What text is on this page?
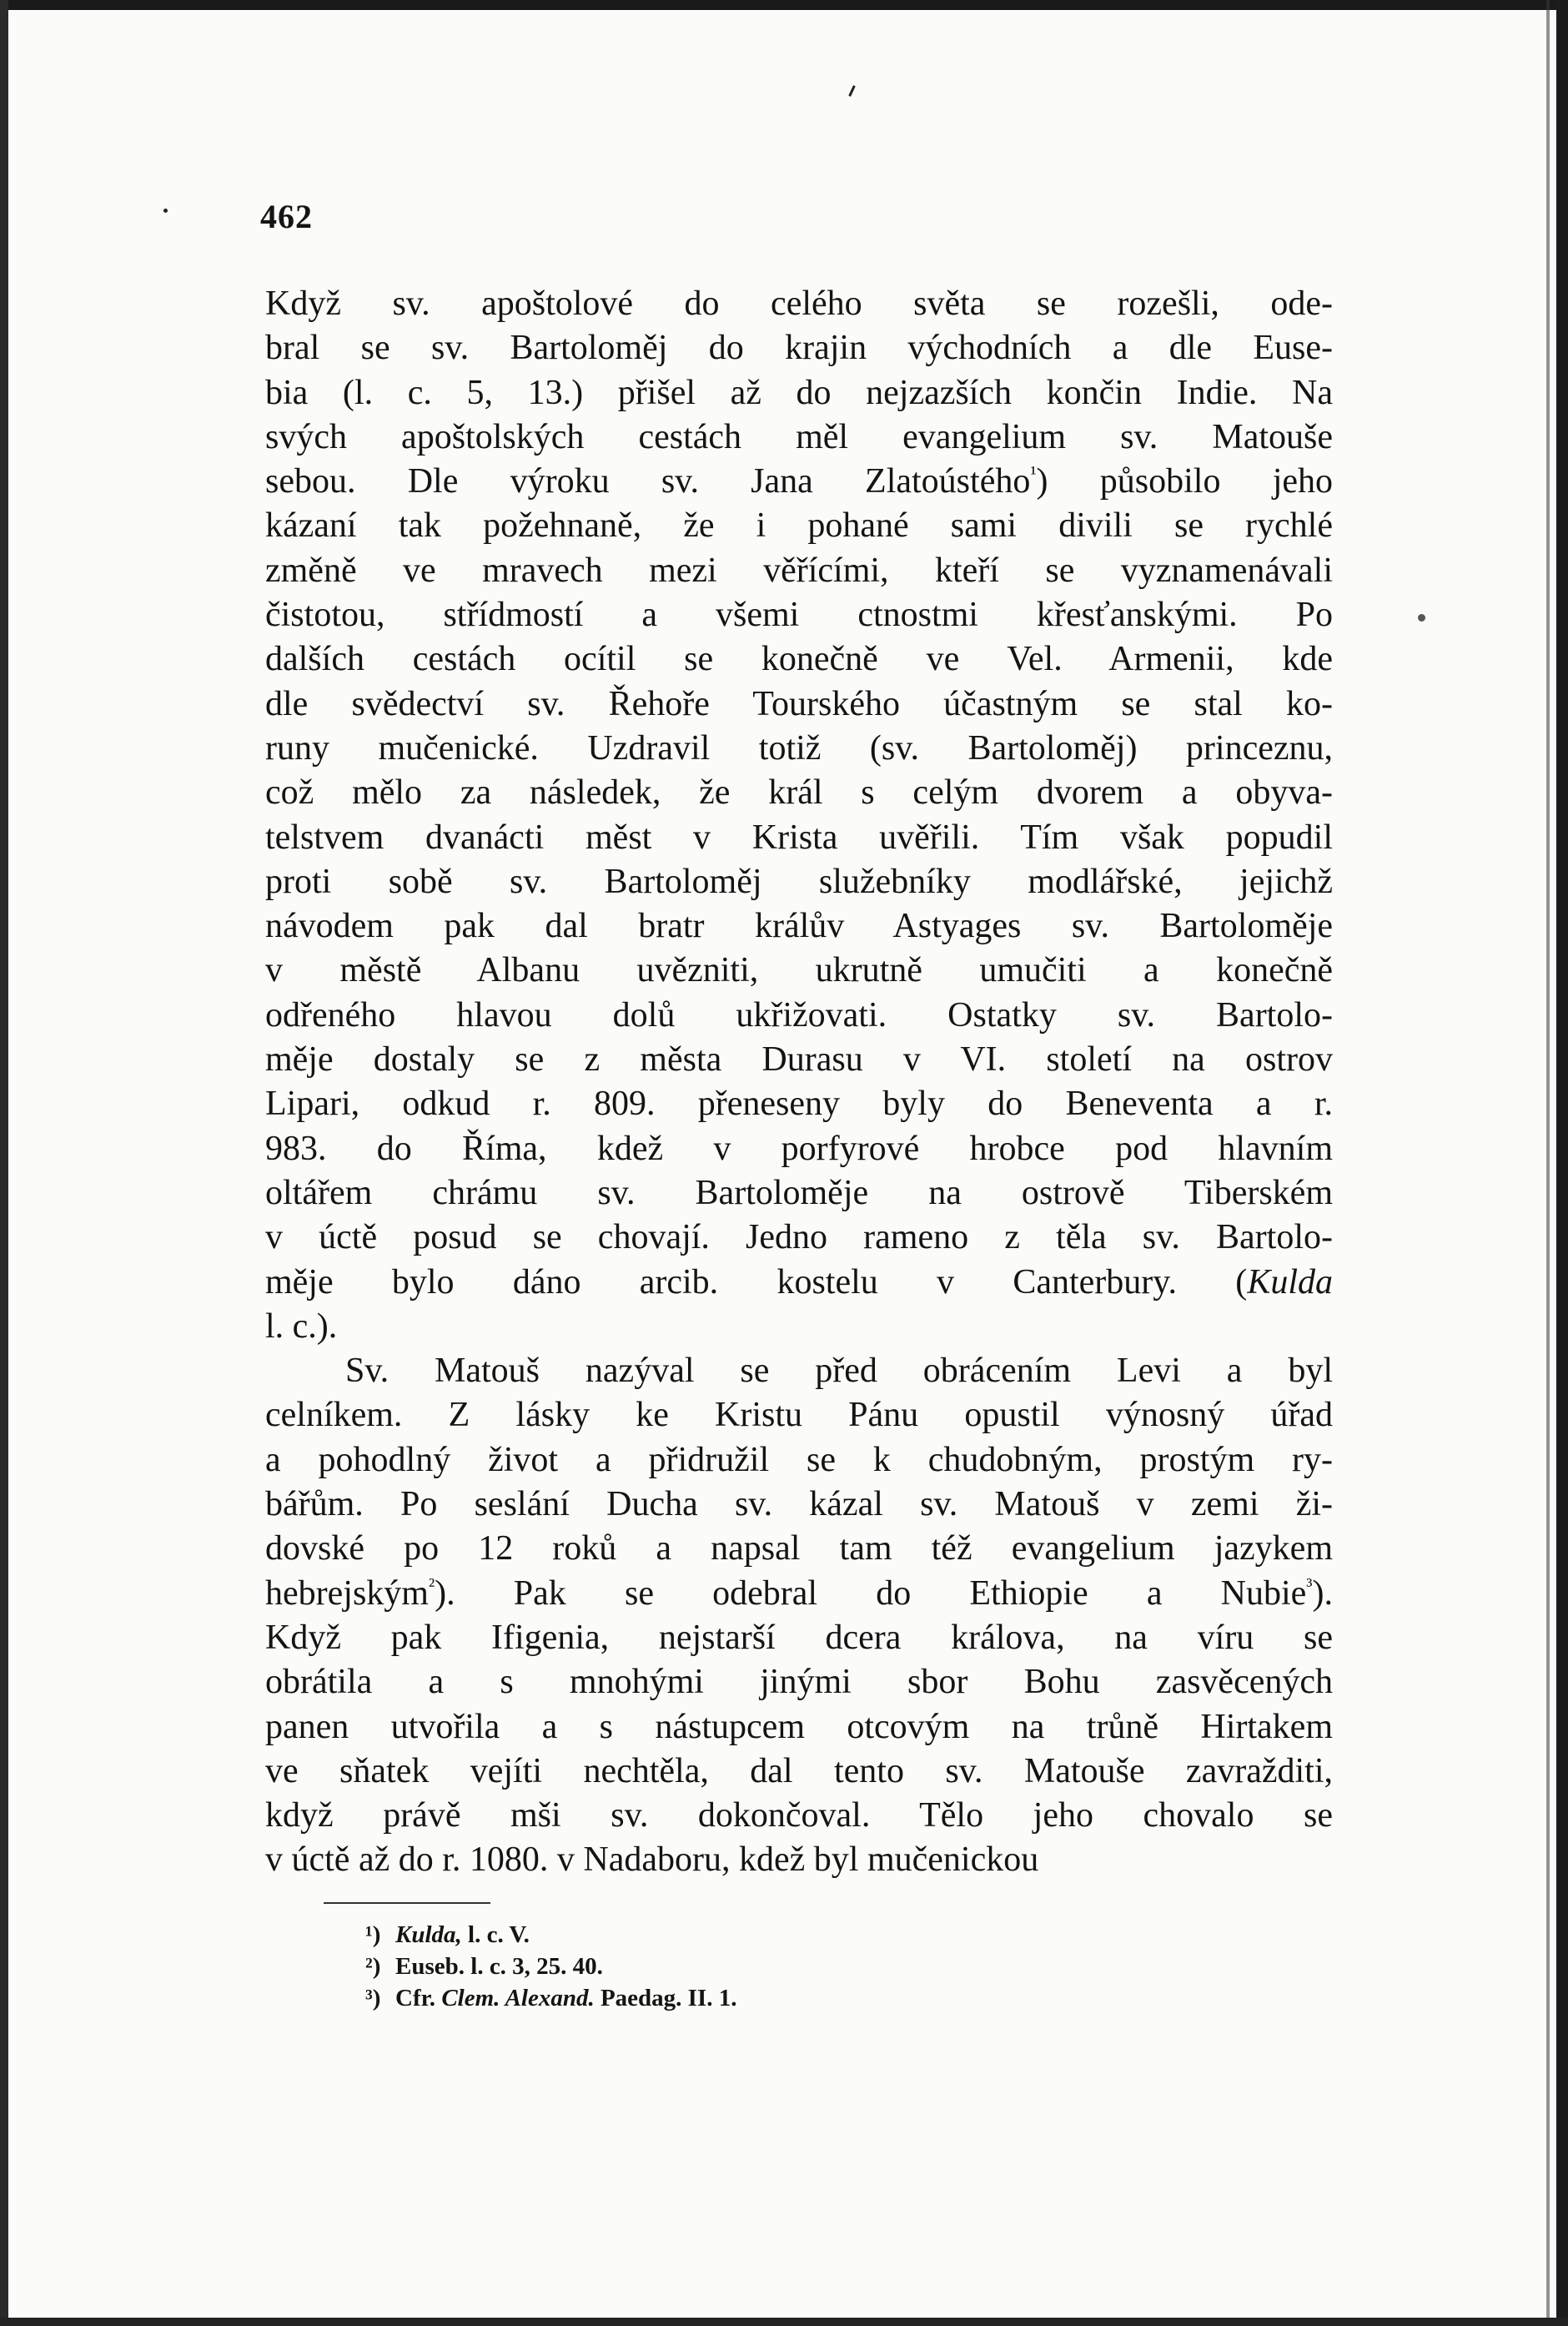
462
Když sv. apoštolové do celého světa se rozešli, ode-
bral se sv. Bartoloměj do krajin východních a dle Euse-
bia (l. c. 5, 13.) přišel až do nejzazších končin Indie. Na
svých apoštolských cestách měl evangelium sv. Matouše
sebou. Dle výroku sv. Jana Zlatoústého$^{^1}$) působilo jeho
kázaní tak požehnaně, že i pohané sami divili se rychlé
změně ve mravech mezi věřícími, kteří se vyznamenávali
čistotou, střídmostí a všemi ctnostmi křesťanskými. Po
dalších cestách ocítil se konečně ve Vel. Armenii, kde
dle svědectví sv. Řehoře Tourského účastným se stal ko-
runy mučenické. Uzdravil totiž (sv. Bartoloměj) princeznu,
což mělo za následek, že král s celým dvorem a obyva-
telstvem dvanácti měst v Krista uvěřili. Tím však popudil
proti sobě sv. Bartoloměj služebníky modlářské, jejichž
návodem pak dal bratr králův Astyages sv. Bartoloměje
v městě Albanu uvězniti, ukrutně umučiti a konečně
odřeného hlavou dolů ukřižovati. Ostatky sv. Bartolo-
měje dostaly se z města Durasu v VI. století na ostrov
Lipari, odkud r. 809. přeneseny byly do Beneventa a r.
983. do Říma, kdež v porfyrové hrobce pod hlavním
oltářem chrámu sv. Bartoloměje na ostrově Tiberském
v úctě posud se chovají. Jedno rameno z těla sv. Bartolo-
měje bylo dáno arcib. kostelu v Canterbury. (Kulda
l. c.).
Sv. Matouš nazýval se před obrácením Levi a byl
celníkem. Z lásky ke Kristu Pánu opustil výnosný úřad
a pohodlný život a přidružil se k chudobným, prostým ry-
bářům. Po seslání Ducha sv. kázal sv. Matouš v zemi ži-
dovské po 12 roků a napsal tam též evangelium jazykem
hebrejským$^{^2}$). Pak se odebral do Ethiopie a Nubie$^{^3}$).
Když pak Ifigenia, nejstarší dcera králova, na víru se
obrátila a s mnohými jinými sbor Bohu zasvěcených
panen utvořila a s nástupcem otcovým na trůně Hirtakem
ve sňatek vejíti nechtěla, dal tento sv. Matouše zavražditi,
když právě mši sv. dokončoval. Tělo jeho chovalo se
v úctě až do r. 1080. v Nadaboru, kdež byl mučenickou
¹) Kulda, l. c. V.
²) Euseb. l. c. 3, 25. 40.
³) Cfr. Clem. Alexand. Paedag. II. 1.
